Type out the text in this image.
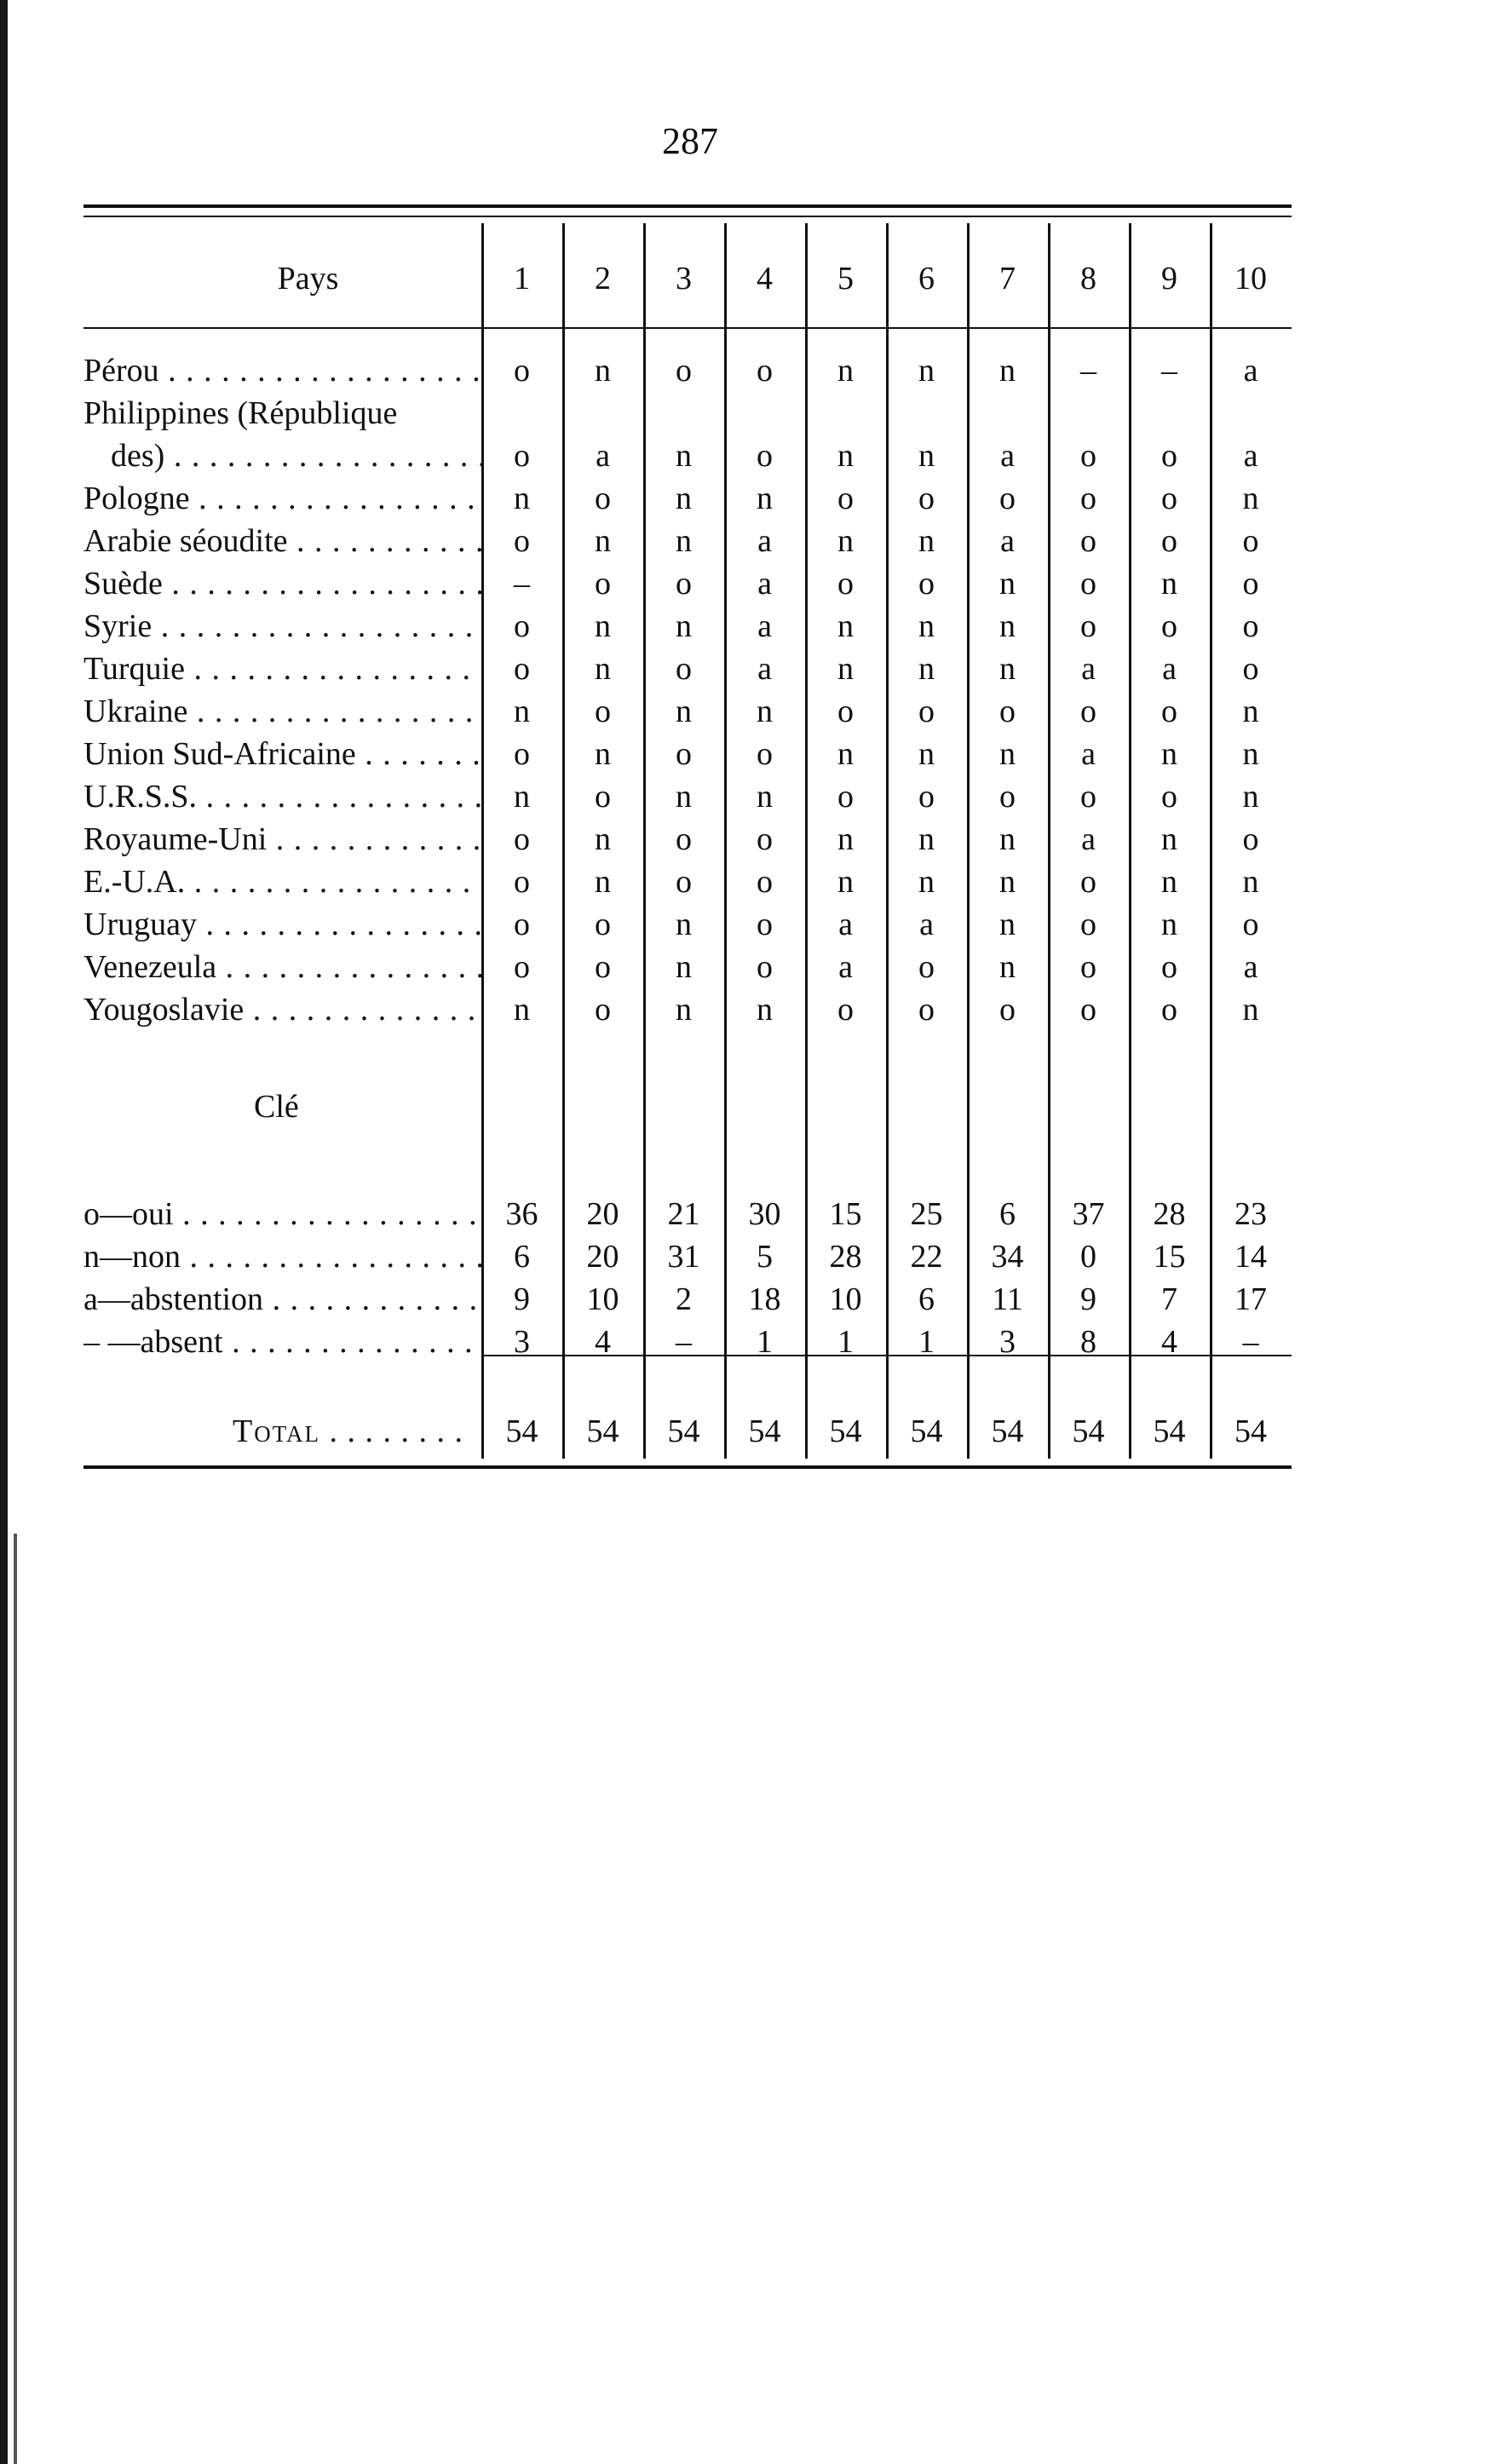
287
Pays	1	2	3	4	5	6	7	8	9	10

Pérou . . .	o	n	o	o	n	n	n	–	–	a
Philippines (République										
des) . . .	o	a	n	o	n	n	a	o	o	a
Pologne . . .	n	o	n	n	o	o	o	o	o	n
Arabie séoudite . . .	o	n	n	a	n	n	a	o	o	o
Suède . . .	–	o	o	a	o	o	n	o	n	o
Syrie . . .	o	n	n	a	n	n	n	o	o	o
Turquie . . .	o	n	o	a	n	n	n	a	a	o
Ukraine . . .	n	o	n	n	o	o	o	o	o	n
Union Sud-Africaine . . .	o	n	o	o	n	n	n	a	n	n
U.R.S.S. . . .	n	o	n	n	o	o	o	o	o	n
Royaume-Uni . . .	o	n	o	o	n	n	n	a	n	o
E.-U.A. . . .	o	n	o	o	n	n	n	o	n	n
Uruguay . . .	o	o	n	o	a	a	n	o	n	o
Venezeula . . .	o	o	n	o	a	o	n	o	o	a
Yougoslavie . . .	n	o	n	n	o	o	o	o	o	n

Clé										

o—oui . . .	36	20	21	30	15	25	6	37	28	23
n—non . . .	6	20	31	5	28	22	34	0	15	14
a—abstention . . .	9	10	2	18	10	6	11	9	7	17
– —absent . . .	3	4	–	1	1	1	3	8	4	–

Total . . . . . . . .	54	54	54	54	54	54	54	54	54	54
